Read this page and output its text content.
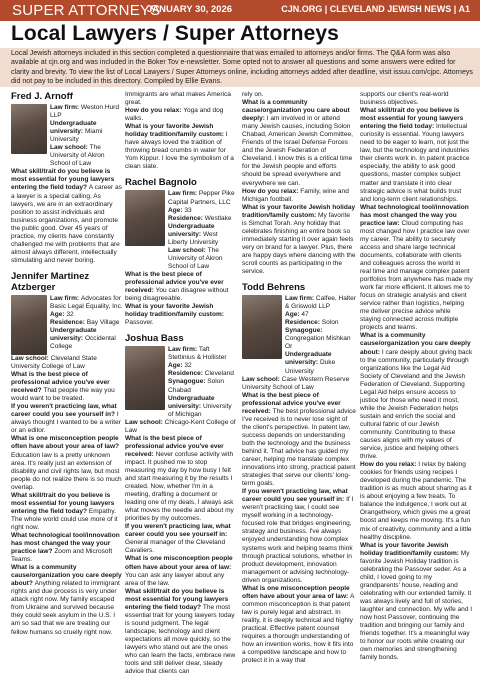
SUPER ATTORNEYS
JANUARY 30, 2026	CJN.ORG | CLEVELAND JEWISH NEWS | A1
Local Lawyers / Super Attorneys

Local Jewish attorneys included in this section completed a questionnaire that was emailed to attorneys and/or firms. The Q&A form was also available at cjn.org and was included in the Boker Tov e-newsletter. Some opted not to answer all questions and some answers were edited for clarity and brevity. To view the list of Local Lawyers / Super Attorneys online, including attorneys added after deadline, visit issuu.com/cjpc. Attorneys did not pay to be included in this directory. Compiled by Ellie Evans.

Fred J. Arnoff
Law firm: Weston Hurd LLP
Undergraduate university: Miami University
Law school: The University of Akron School of Law

What skill/trait do you believe is most essential for young lawyers entering the field today? A career as a lawyer is a special calling. As lawyers, we are in an extraordinary position to assist individuals and business organizations, and promote the public good. Over 45 years of practice, my clients have constantly challenged me with problems that are almost always different, intellectually stimulating and never boring.

Jennifer Martinez Atzberger
Law firm: Advocates for Basic Legal Equality, Inc.
Age: 32
Residence: Bay Village
Undergraduate university: Occidental College

Law school: Cleveland State University College of Law

What is the best piece of professional advice you've ever received? That people the way you would want to be treated.

If you weren't practicing law, what career could you see yourself in? I always thought I wanted to be a writer or an editor.

What is one misconception people often have about your area of law? Education law is a pretty unknown area. It's really just an extension of disability and civil rights law, but most people do not realize there is so much overlap.

What skill/trait do you believe is most essential for young lawyers entering the field today? Empathy. The whole world could use more of it right now.

What technological tool/innovation has most changed the way your practice law? Zoom and Microsoft Teams.

What is a community cause/organization you care deeply about? Anything related to immigrant rights and due process is very under attack right now. My family escaped from Ukraine and survived because they could seek asylum in the U.S. I am so sad that we are treating our fellow humans so cruelly right now.

Immigrants are what makes America great.

How do you relax: Yoga and dog walks.

What is your favorite Jewish holiday tradition/family custom: I have always loved the tradition of throwing bread crumbs in water for Yom Kippur. I love the symbolism of a clean slate.

Rachel Bagnolo
Law firm: Pepper Pike Capital Partners, LLC
Age: 33
Residence: Westlake
Undergraduate university: West Liberty University
Law school: The University of Akron School of Law

What is the best piece of professional advice you've ever received: You can disagree without being disagreeable.

What is your favorite Jewish holiday tradition/family custom: Passover.

Joshua Bass
Law firm: Taft Stettinius & Hollister
Age: 32
Residence: Cleveland
Synagogue: Solon Chabad
Undergraduate university: University of Michigan

Law school: Chicago-Kent College of Law

What is the best piece of professional advice you've ever received: Never confuse activity with impact. It pushed me to stop measuring my day by how busy I felt and start measuring it by the results I created. Now, whether I'm in a meeting, drafting a document or leading one of my deals, I always ask what moves the needle and about my priorities by my outcomes.

If you weren't practicing law, what career could you see yourself in: General manager of the Cleveland Cavaliers.

What is one misconception people often have about your area of law: You can ask any lawyer about any area of the law.

What skill/trait do you believe is most essential for young lawyers entering the field today? The most essential trait for young lawyers today is sound judgment. The legal landscape, technology and client expectations all move quickly, so the lawyers who stand out are the ones who can learn the facts, embrace new tools and still deliver clear, steady advice that clients can

rely on.

What is a community cause/organization you care about deeply: I am involved in or attend many Jewish causes, including Solon Chabad, American Jewish Committee, Friends of the Israel Defense Forces and the Jewish Federation of Cleveland. I know this is a critical time for the Jewish people and efforts should be spread everywhere and everywhere we can.

How do you relax: Family, wine and Michigan football.

What is your favorite Jewish holiday tradition/family custom: My favorite is Simchat Torah. Any holiday that celebrates finishing an entire book so immediately starting it over again feels very on brand for a lawyer. Plus, there are happy days where dancing with the scroll counts as participating in the service.

Todd Behrens
Law firm: Calfee, Halter & Griswold LLP
Age: 47
Residence: Solon
Synagogue: Congregation Mishkan Or
Undergraduate university: Duke University

Law school: Case Western Reserve University School of Law

What is the best piece of professional advice you've ever received: The best professional advice I've received is to never lose sight of the client's perspective. In patent law, success depends on understanding both the technology and the business behind it. That advice has guided my career, helping me translate complex innovations into strong, practical patent strategies that serve our clients' long-term goals.

If you weren't practicing law, what career could you see yourself in: If I weren't practicing law, I could see myself working in a technology-focused role that bridges engineering, strategy and business. I've always enjoyed understanding how complex systems work and helping teams think through practical solutions, whether in product development, innovation management or advising technology-driven organizations.

What is one misconception people often have about your area of law: A common misconception is that patent law is purely legal and abstract. In reality, it is deeply technical and highly practical. Effective patent counsel requires a thorough understanding of how an invention works, how it fits into a competitive landscape and how to protect it in a way that

supports our client's real-world business objectives.

What skill/trait do you believe is most essential for young lawyers entering the field today: Intellectual curiosity is essential. Young lawyers need to be eager to learn, not just the law, but the technology and industries their clients work in. In patent practice especially, the ability to ask good questions, master complex subject matter and translate it into clear strategic advice is what builds trust and long-term client relationships.

What technological tool/innovation has most changed the way you practice law: Cloud computing has most changed how I practice law over my career. The ability to securely access and share large technical documents, collaborate with clients and colleagues across the world in real time and manage complex patent portfolios from anywhere has made my work far more efficient. It allows me to focus on strategic analysis and client service rather than logistics, helping me deliver precise advice while staying connected across multiple projects and teams.

What is a community cause/organization you care deeply about: I care deeply about giving back to the community, particularly through organizations like the Legal Aid Society of Cleveland and the Jewish Federation of Cleveland. Supporting Legal Aid helps ensure access to justice for those who need it most, while the Jewish Federation helps sustain and enrich the social and cultural fabric of our Jewish community. Contributing to these causes aligns with my values of service, justice and helping others thrive.

How do you relax: I relax by baking cookies for friends using recipes I developed during the pandemic. The tradition is as much about sharing as it is about enjoying a few treats. To balance the indulgence, I work out at Orangetheory, which gives me a great boost and keeps me moving. It's a fun mix of creativity, community and a little healthy discipline.

What is your favorite Jewish holiday tradition/family custom: My favorite Jewish Holiday tradition is celebrating the Passover seder. As a child, I loved going to my grandparents' house, reading and celebrating with our extended family. It was always lively and full of stories, laughter and connection. My wife and I now host Passover, continuing the tradition and bringing our family and friends together. It's a meaningful way to honor our roots while creating our own memories and strengthening family bonds.
